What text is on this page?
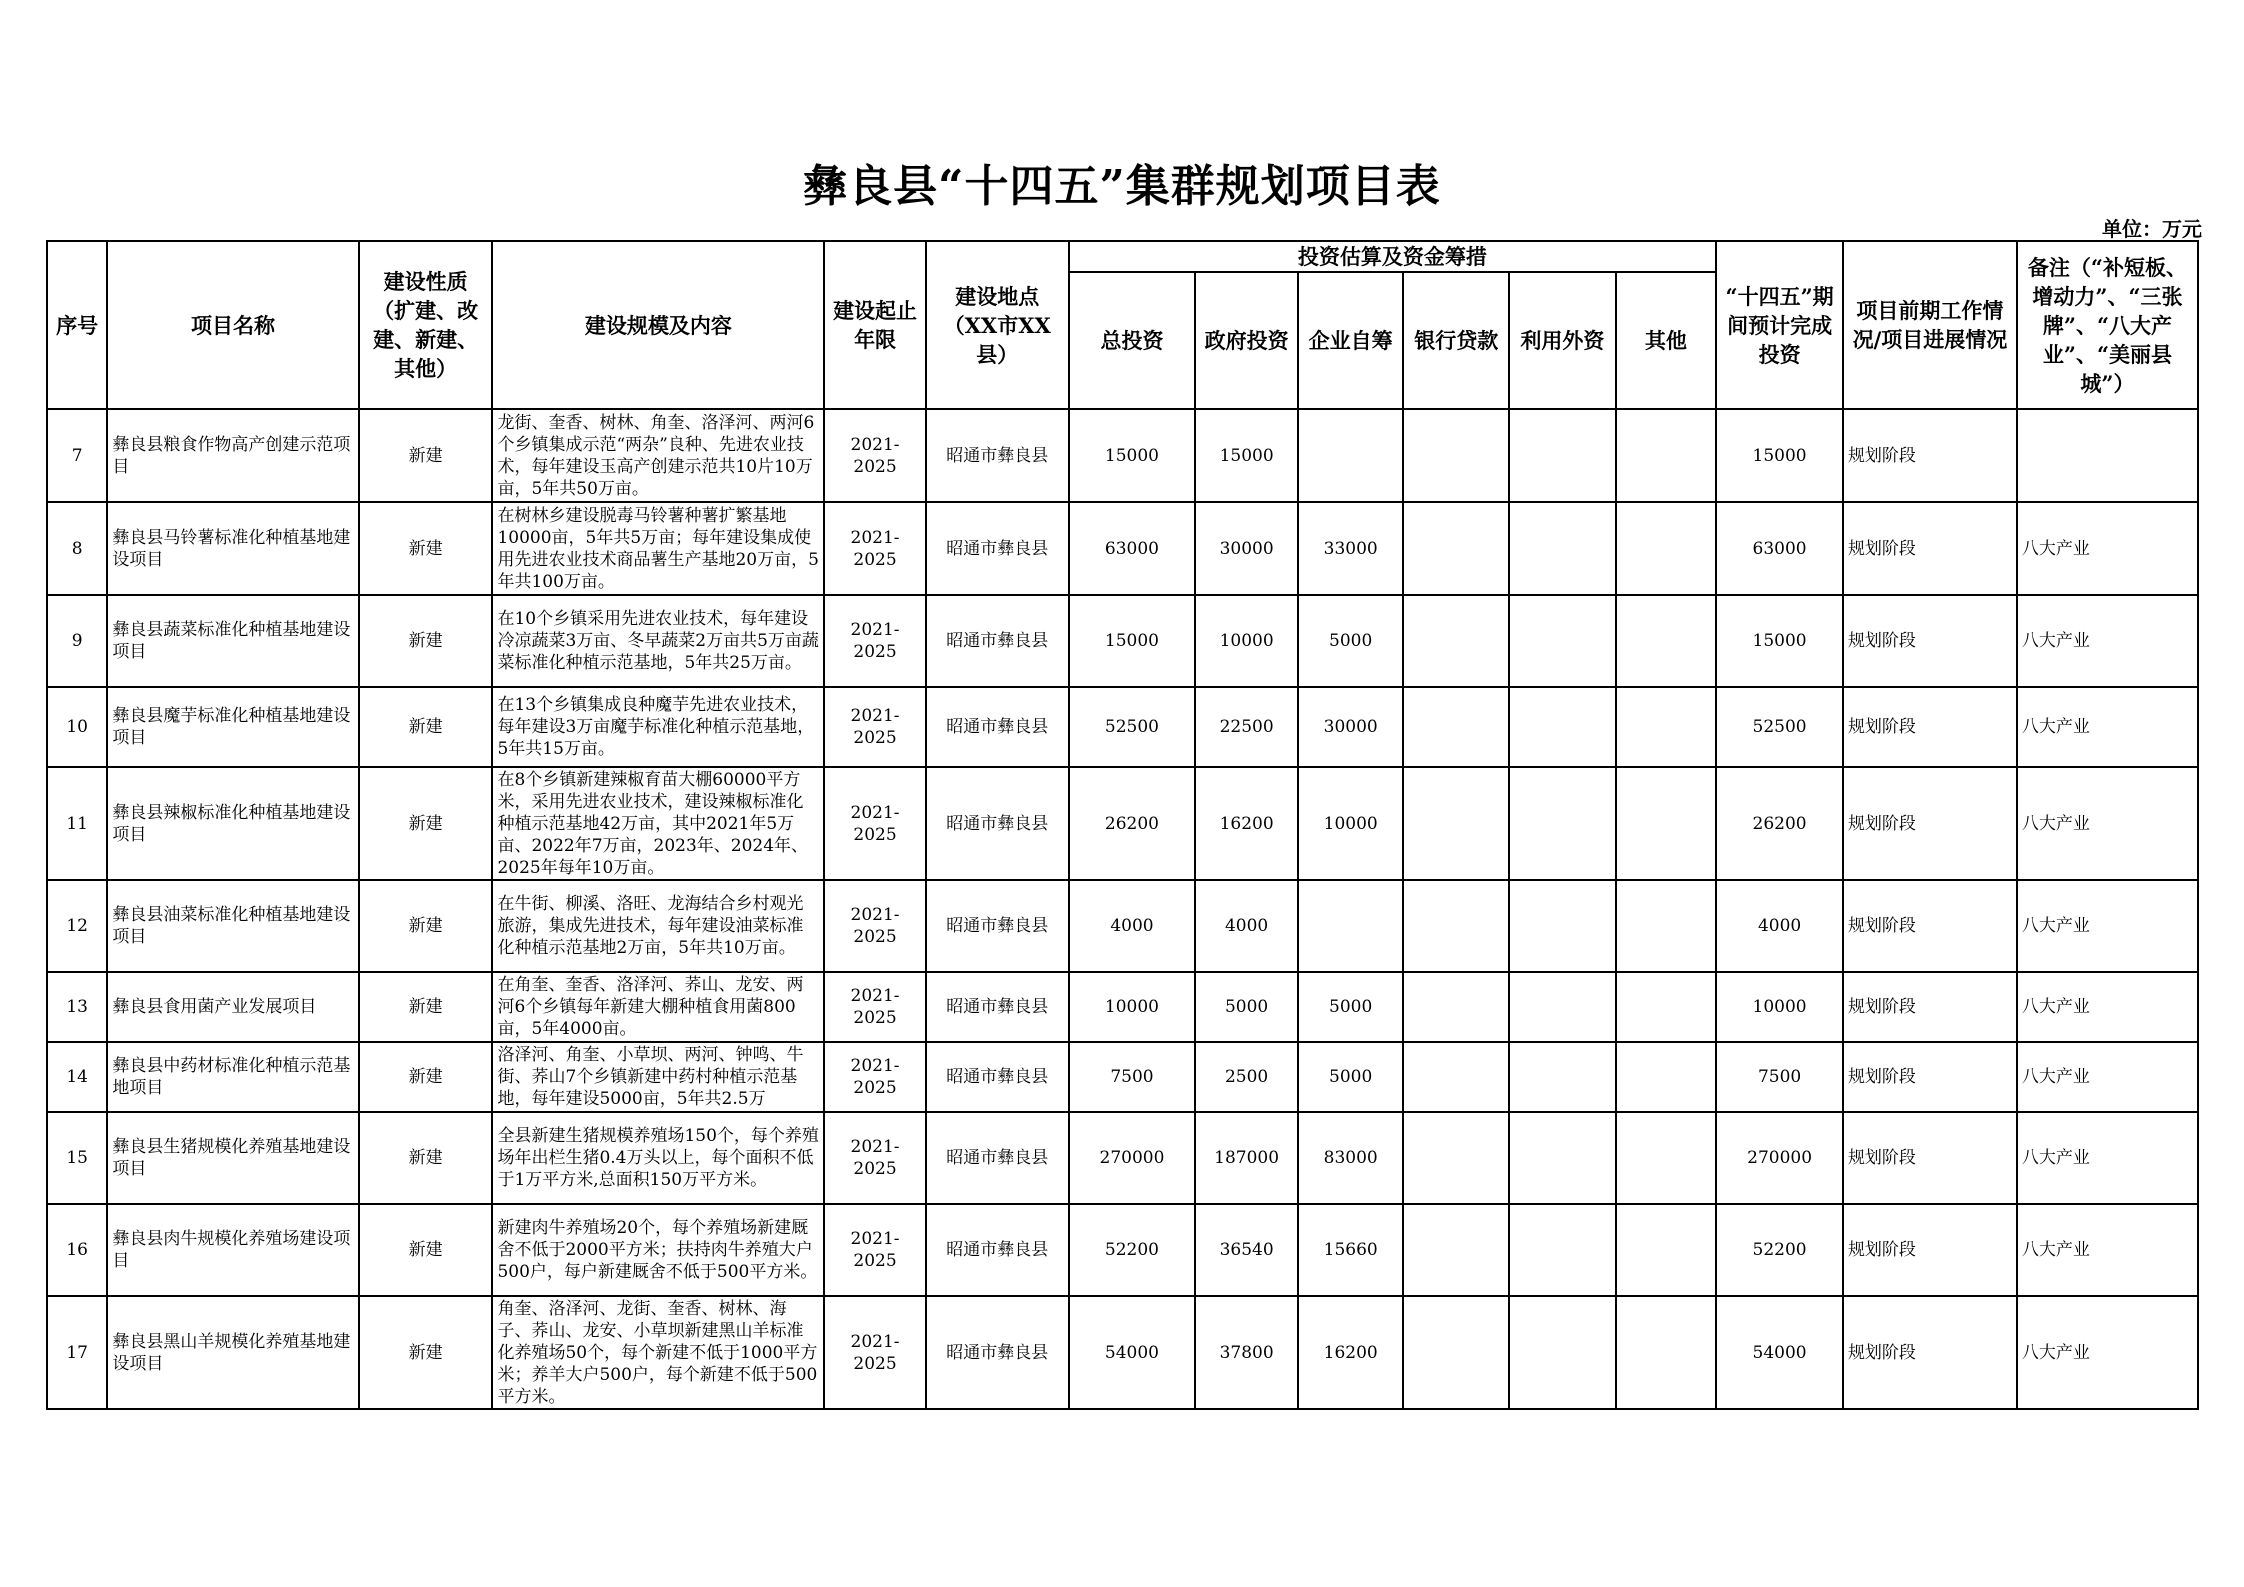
彝良县“十四五”集群规划项目表
单位：万元
序号	项目名称	建设性质（扩建、改建、新建、其他）	建设规模及内容	建设起止年限	建设地点（XX市XX县）	投资估算及资金筹措						“十四五”期间预计完成投资	项目前期工作情况/项目进展情况	备注（“补短板、增动力”、“三张牌”、“八大产业”、“美丽县城”）
						总投资	政府投资	企业自筹	银行贷款	利用外资	其他			
7	彝良县粮食作物高产创建示范项目	新建	龙街、奎香、树林、角奎、洛泽河、两河6个乡镇集成示范“两杂”良种、先进农业技术，每年建设玉高产创建示范共10片10万亩，5年共50万亩。	2021-2025	昭通市彝良县	15000	15000					15000	规划阶段	
8	彝良县马铃薯标准化种植基地建设项目	新建	在树林乡建设脱毒马铃薯种薯扩繁基地10000亩，5年共5万亩；每年建设集成使用先进农业技术商品薯生产基地20万亩，5年共100万亩。	2021-2025	昭通市彝良县	63000	30000	33000				63000	规划阶段	八大产业
9	彝良县蔬菜标准化种植基地建设项目	新建	在10个乡镇采用先进农业技术，每年建设冷凉蔬菜3万亩、冬早蔬菜2万亩共5万亩蔬菜标准化种植示范基地，5年共25万亩。	2021-2025	昭通市彝良县	15000	10000	5000				15000	规划阶段	八大产业
10	彝良县魔芋标准化种植基地建设项目	新建	在13个乡镇集成良种魔芋先进农业技术，每年建设3万亩魔芋标准化种植示范基地，5年共15万亩。	2021-2025	昭通市彝良县	52500	22500	30000				52500	规划阶段	八大产业
11	彝良县辣椒标准化种植基地建设项目	新建	在8个乡镇新建辣椒育苗大棚60000平方米，采用先进农业技术，建设辣椒标准化种植示范基地42万亩，其中2021年5万亩、2022年7万亩，2023年、2024年、2025年每年10万亩。	2021-2025	昭通市彝良县	26200	16200	10000				26200	规划阶段	八大产业
12	彝良县油菜标准化种植基地建设项目	新建	在牛街、柳溪、洛旺、龙海结合乡村观光旅游，集成先进技术，每年建设油菜标准化种植示范基地2万亩，5年共10万亩。	2021-2025	昭通市彝良县	4000	4000					4000	规划阶段	八大产业
13	彝良县食用菌产业发展项目	新建	在角奎、奎香、洛泽河、荞山、龙安、两河6个乡镇每年新建大棚种植食用菌800亩，5年4000亩。	2021-2025	昭通市彝良县	10000	5000	5000				10000	规划阶段	八大产业
14	彝良县中药材标准化种植示范基地项目	新建	洛泽河、角奎、小草坝、两河、钟鸣、牛街、荞山7个乡镇新建中药村种植示范基地，每年建设5000亩，5年共2.5万	2021-2025	昭通市彝良县	7500	2500	5000				7500	规划阶段	八大产业
15	彝良县生猪规模化养殖基地建设项目	新建	全县新建生猪规模养殖场150个，每个养殖场年出栏生猪0.4万头以上，每个面积不低于1万平方米,总面积150万平方米。	2021-2025	昭通市彝良县	270000	187000	83000				270000	规划阶段	八大产业
16	彝良县肉牛规模化养殖场建设项目	新建	新建肉牛养殖场20个，每个养殖场新建厩舍不低于2000平方米；扶持肉牛养殖大户500户，每户新建厩舍不低于500平方米。	2021-2025	昭通市彝良县	52200	36540	15660				52200	规划阶段	八大产业
17	彝良县黑山羊规模化养殖基地建设项目	新建	角奎、洛泽河、龙街、奎香、树林、海子、荞山、龙安、小草坝新建黑山羊标准化养殖场50个，每个新建不低于1000平方米；养羊大户500户，每个新建不低于500平方米。	2021-2025	昭通市彝良县	54000	37800	16200				54000	规划阶段	八大产业
